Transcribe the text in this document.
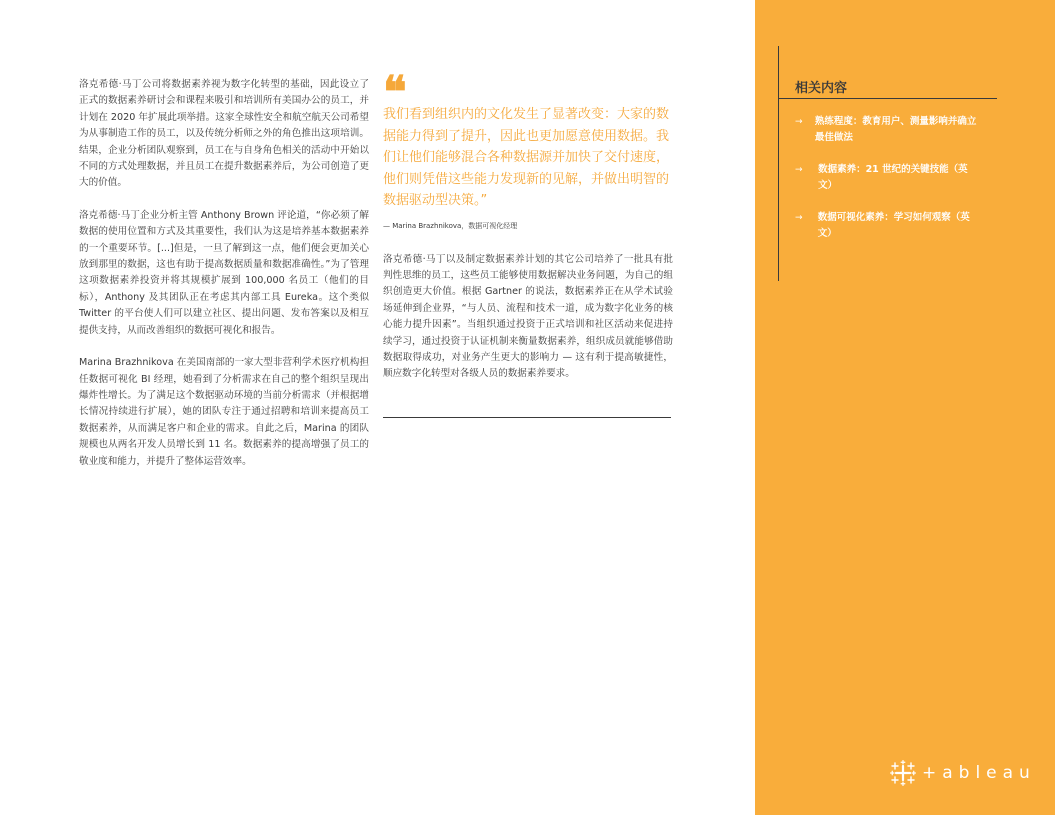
洛克希德·马丁公司将数据素养视为数字化转型的基础，因此设立了正式的数据素养研讨会和课程来吸引和培训所有美国办公的员工，并计划在 2020 年扩展此项举措。这家全球性安全和航空航天公司希望为从事制造工作的员工，以及传统分析师之外的角色推出这项培训。结果，企业分析团队观察到，员工在与自身角色相关的活动中开始以不同的方式处理数据，并且员工在提升数据素养后，为公司创造了更大的价值。

洛克希德·马丁企业分析主管 Anthony Brown 评论道，“你必须了解数据的使用位置和方式及其重要性，我们认为这是培养基本数据素养的一个重要环节。[...]但是，一旦了解到这一点，他们便会更加关心放到那里的数据，这也有助于提高数据质量和数据准确性。”为了管理这项数据素养投资并将其规模扩展到 100,000 名员工（他们的目标），Anthony 及其团队正在考虑其内部工具 Eureka。这个类似 Twitter 的平台使人们可以建立社区、提出问题、发布答案以及相互提供支持，从而改善组织的数据可视化和报告。

Marina Brazhnikova 在美国南部的一家大型非营利学术医疗机构担任数据可视化 BI 经理，她看到了分析需求在自己的整个组织呈现出爆炸性增长。为了满足这个数据驱动环境的当前分析需求（并根据增长情况持续进行扩展），她的团队专注于通过招聘和培训来提高员工数据素养，从而满足客户和企业的需求。自此之后，Marina 的团队规模也从两名开发人员增长到 11 名。数据素养的提高增强了员工的敬业度和能力，并提升了整体运营效率。

❝
我们看到组织内的文化发生了显著改变：大家的数据能力得到了提升，因此也更加愿意使用数据。我们让他们能够混合各种数据源并加快了交付速度，他们则凭借这些能力发现新的见解，并做出明智的数据驱动型决策。”
— Marina Brazhnikova，数据可视化经理
洛克希德·马丁以及制定数据素养计划的其它公司培养了一批具有批判性思维的员工，这些员工能够使用数据解决业务问题，为自己的组织创造更大价值。根据 Gartner 的说法，数据素养正在从学术试验场延伸到企业界，“与人员、流程和技术一道，成为数字化业务的核心能力提升因素”。当组织通过投资于正式培训和社区活动来促进持续学习，通过投资于认证机制来衡量数据素养，组织成员就能够借助数据取得成功，对业务产生更大的影响力 — 这有利于提高敏捷性，顺应数字化转型对各级人员的数据素养要求。
相关内容
→	熟练程度：教育用户、测量影响并确立最佳做法
→	数据素养：21 世纪的关键技能（英文）
→	数据可视化素养：学习如何观察（英文）
+ableau
